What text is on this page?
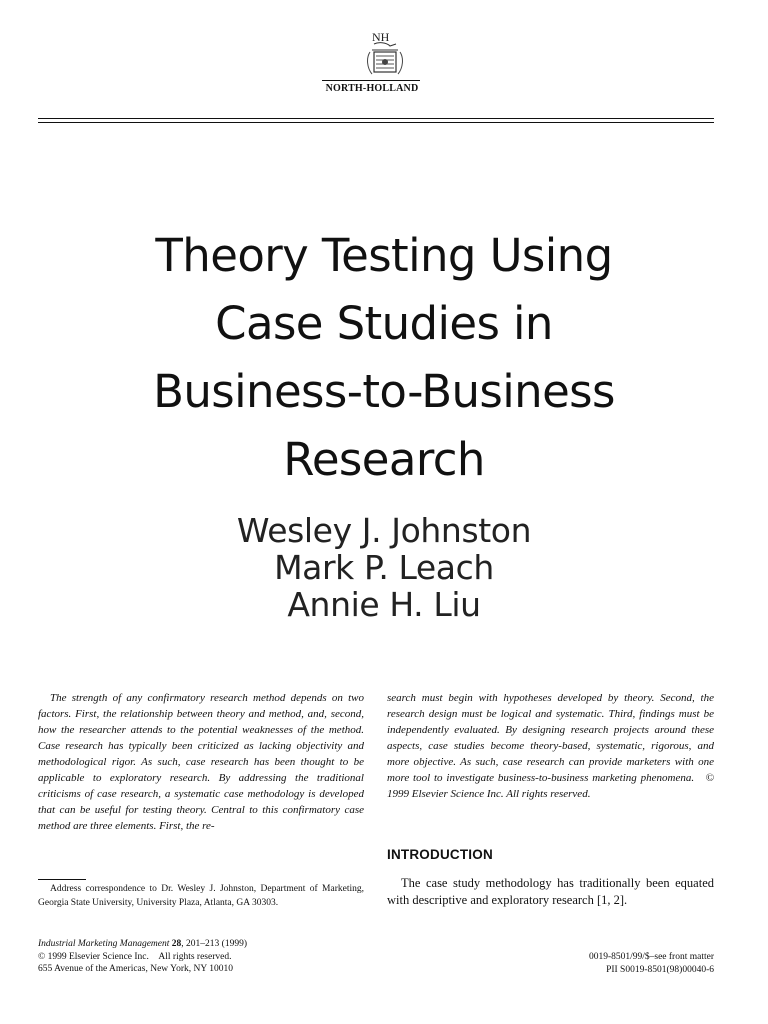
NH
NORTH-HOLLAND
Theory Testing Using
Case Studies in
Business-to-Business
Research
Wesley J. Johnston
Mark P. Leach
Annie H. Liu

The strength of any confirmatory research method depends on two factors. First, the relationship between theory and method, and, second, how the researcher attends to the potential weaknesses of the method. Case research has typically been criticized as lacking objectivity and methodological rigor. As such, case research has been thought to be applicable to exploratory research. By addressing the traditional criticisms of case research, a systematic case methodology is developed that can be useful for testing theory. Central to this confirmatory case method are three elements. First, the re-

search must begin with hypotheses developed by theory. Second, the research design must be logical and systematic. Third, findings must be independently evaluated. By designing research projects around these aspects, case studies become theory-based, systematic, rigorous, and more objective. As such, case research can provide marketers with one more tool to investigate business-to-business marketing phenomena.   © 1999 Elsevier Science Inc. All rights reserved.

INTRODUCTION

The case study methodology has traditionally been equated with descriptive and exploratory research [1, 2].

Address correspondence to Dr. Wesley J. Johnston, Department of Marketing, Georgia State University, University Plaza, Atlanta, GA 30303.

Industrial Marketing Management 28, 201–213 (1999)
© 1999 Elsevier Science Inc.    All rights reserved.
655 Avenue of the Americas, New York, NY 10010
0019-8501/99/$–see front matter
PII S0019-8501(98)00040-6
